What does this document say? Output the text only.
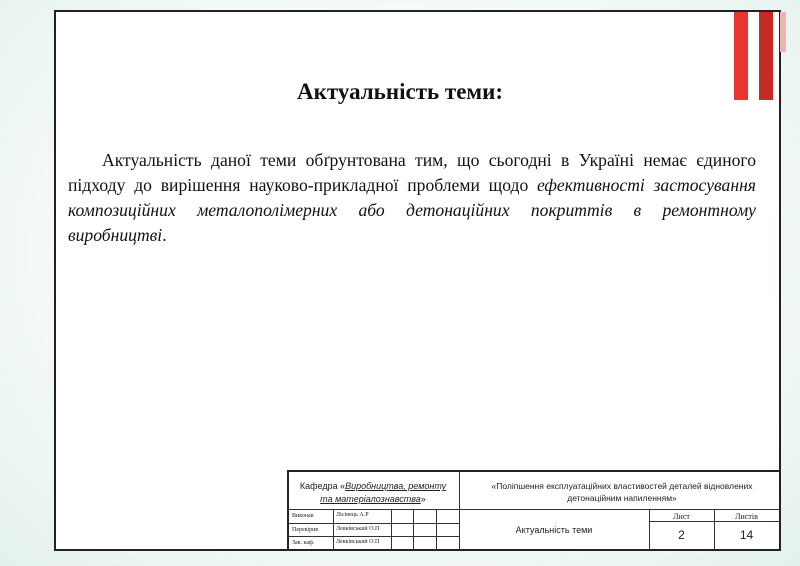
Актуальність теми:

Актуальність даної теми обґрунтована тим, що сьогодні в Україні немає єдиного підходу до вирішення науково-прикладної проблеми щодо ефективності застосування композиційних металополімерних або детонаційних покриттів в ремонтному виробництві.

Кафедра «Виробництва, ремонту
та матеріалознавства»
«Поліпшення експлуатаційних властивостей деталей відновлених
детонаційним напиленням»
Виконав	Лісінець А.Р
Перевірив	Левківський О.П
Зав. каф.	Левківський О.П
Актуальність теми
Лист	Листів
2	14
